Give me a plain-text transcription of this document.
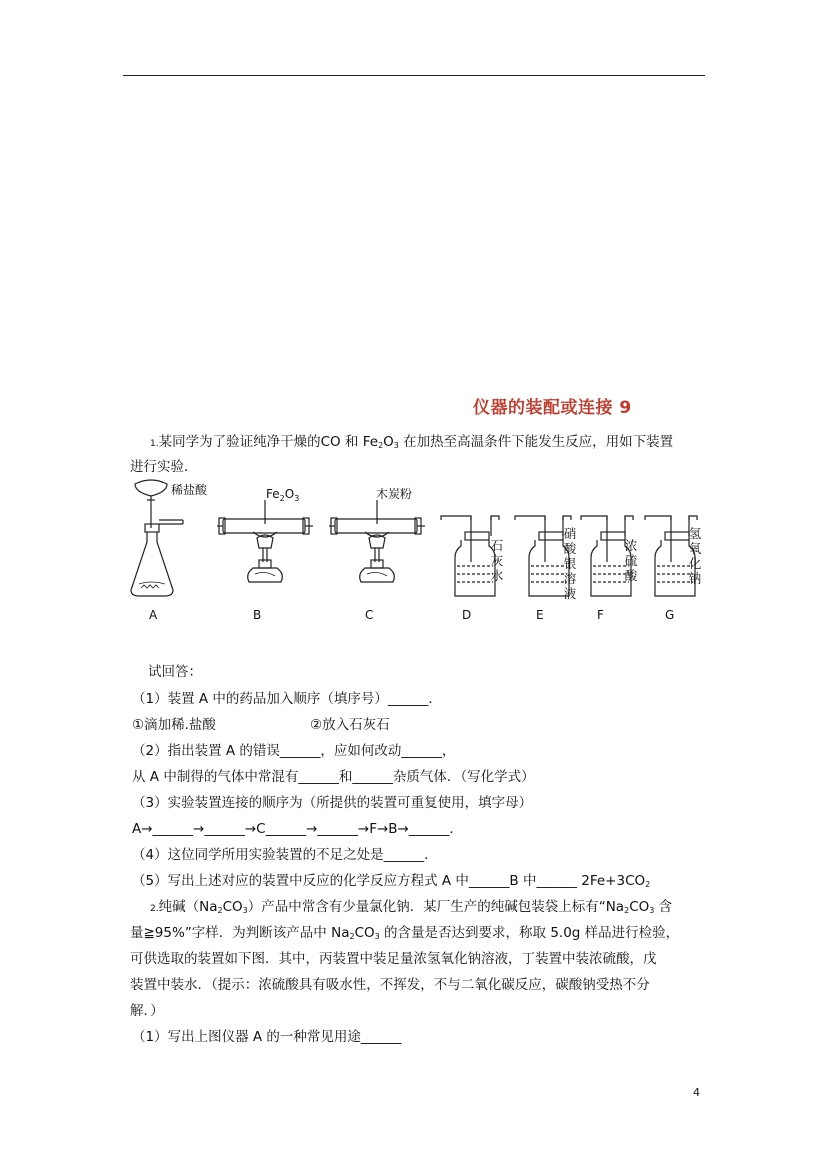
仪器的装配或连接 9
1.某同学为了验证纯净干燥的CO 和 $Fe_2O_3$ 在加热至高温条件下能发生反应，用如下装置
进行实验．
稀盐酸	$Fe_2O_3$	木炭粉
A	B	C	D	E	F	G
石
灰
水
硝
酸
银
溶
液
浓
硫
酸
氢
氧
化
钠
试回答：
（1）装置 A 中的药品加入顺序（填序号）______．
①滴加稀.盐酸	②放入石灰石
（2）指出装置 A 的错误______，应如何改动______，
从 A 中制得的气体中常混有______和______杂质气体．（写化学式）
（3）实验装置连接的顺序为（所提供的装置可重复使用，填字母）
A→______→______→C______→______→F→B→______．
（4）这位同学所用实验装置的不足之处是______．
（5）写出上述对应的装置中反应的化学反应方程式 A 中______B 中______ $2Fe+3CO_2$
2.纯碱$(Na_2CO_3)$产品中常含有少量氯化钠．某厂生产的纯碱包装袋上标有“$Na_2CO_3$ 含
量≧95%”字样．为判断该产品中 $Na_2CO_3$ 的含量是否达到要求，称取 5.0g 样品进行检验，
可供选取的装置如下图．其中，丙装置中装足量浓氢氧化钠溶液，丁装置中装浓硫酸，戊
装置中装水．（提示：浓硫酸具有吸水性，不挥发，不与二氧化碳反应，碳酸钠受热不分
解．）
（1）写出上图仪器 A 的一种常见用途______
4
